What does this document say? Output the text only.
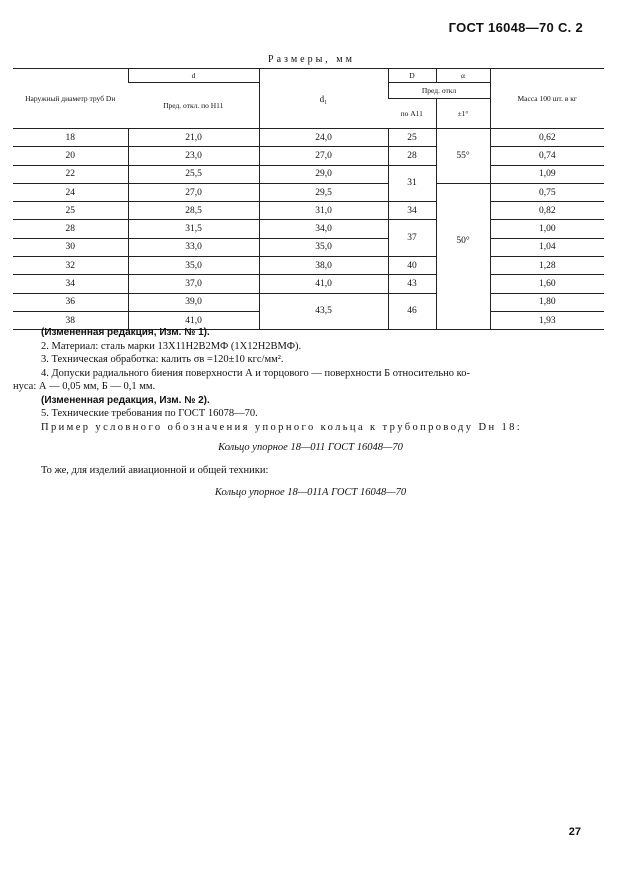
ГОСТ 16048—70 С. 2
Размеры, мм
Наружный диаметр труб Dн	d	d₁	D	α	Масса 100 шт. в кг
	Пред. откл. по H11		Пред. откл		
			по A11	±1°	
18	21,0	24,0	25	55°	0,62
20	23,0	27,0	28		0,74
22	25,5	29,0	31		1,09
24	27,0	29,5		50°	0,75
25	28,5	31,0	34		0,82
28	31,5	34,0	37		1,00
30	33,0	35,0			1,04
32	35,0	38,0	40		1,28
34	37,0	41,0	43		1,60
36	39,0	43,5	46		1,80
38	41,0				1,93

(Измененная редакция, Изм. № 1).

2. Материал: сталь марки 13Х11Н2В2МФ (1Х12Н2ВМФ).

3. Техническая обработка: калить σв =120±10 кгс/мм².

4. Допуски радиального биения поверхности А и торцового — поверхности Б относительно ко-

нуса: А — 0,05 мм, Б — 0,1 мм.

(Измененная редакция, Изм. № 2).

5. Технические требования по ГОСТ 16078—70.

Пример условного обозначения упорного кольца к трубопроводу Dн 18:

Кольцо упорное 18—011 ГОСТ 16048—70

То же, для изделий авиационной и общей техники:

Кольцо упорное 18—011А ГОСТ 16048—70

27
